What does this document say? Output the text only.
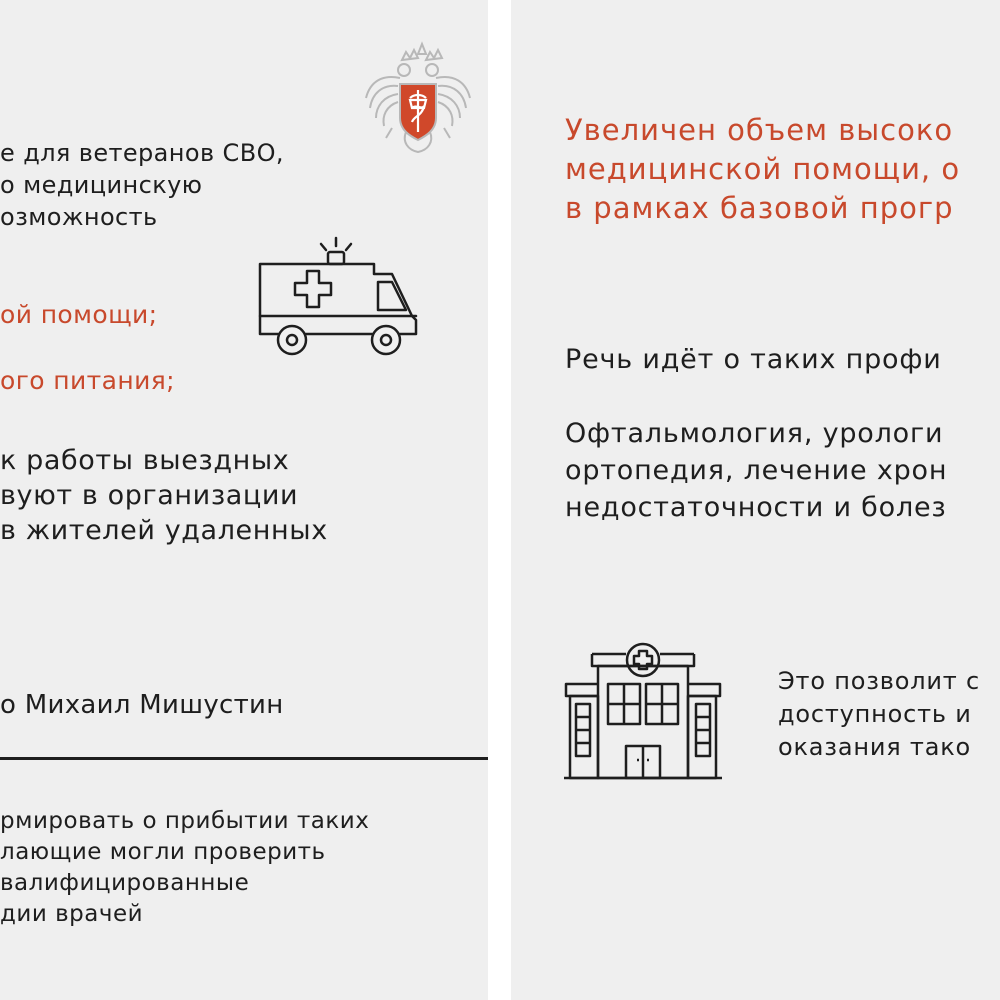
е для ветеранов СВО,

о медицинскую

озможность

ой помощи;

ого питания;

к работы выездных

вуют в организации

в жителей удаленных

о Михаил Мишустин

рмировать о прибытии таких

лающие могли проверить

валифицированные

дии врачей

Увеличен объем высоко

медицинской помощи, о

в рамках базовой прогр

Речь идёт о таких профи

Офтальмология, урологи

ортопедия, лечение хрон

недостаточности и болез

Это позволит с

доступность и

оказания тако
